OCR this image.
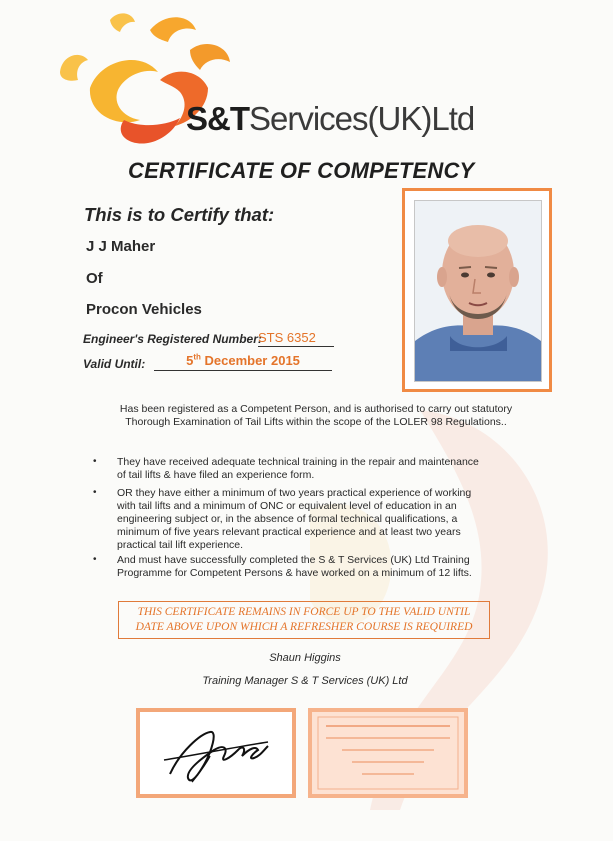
S&TServices(UK)Ltd
CERTIFICATE OF COMPETENCY
This is to Certify that:
J J Maher
Of
Procon Vehicles
Engineer's Registered Number:
STS 6352
Valid Until:	5th December 2015
Has been registered as a Competent Person, and is authorised to carry out statutory
Thorough Examination of Tail Lifts within the scope of the LOLER 98 Regulations..
• They have received adequate technical training in the repair and maintenance
of tail lifts & have filed an experience form.
• OR they have either a minimum of two years practical experience of working
with tail lifts and a minimum of ONC or equivalent level of education in an
engineering subject or, in the absence of formal technical qualifications, a
minimum of five years relevant practical experience and at least two years
practical tail lift experience.
• And must have successfully completed the S & T Services (UK) Ltd Training
Programme for Competent Persons & have worked on a minimum of 12 lifts.
THIS CERTIFICATE REMAINS IN FORCE UP TO THE VALID UNTIL
DATE ABOVE UPON WHICH A REFRESHER COURSE IS REQUIRED
Shaun Higgins
Training Manager S & T Services (UK) Ltd
